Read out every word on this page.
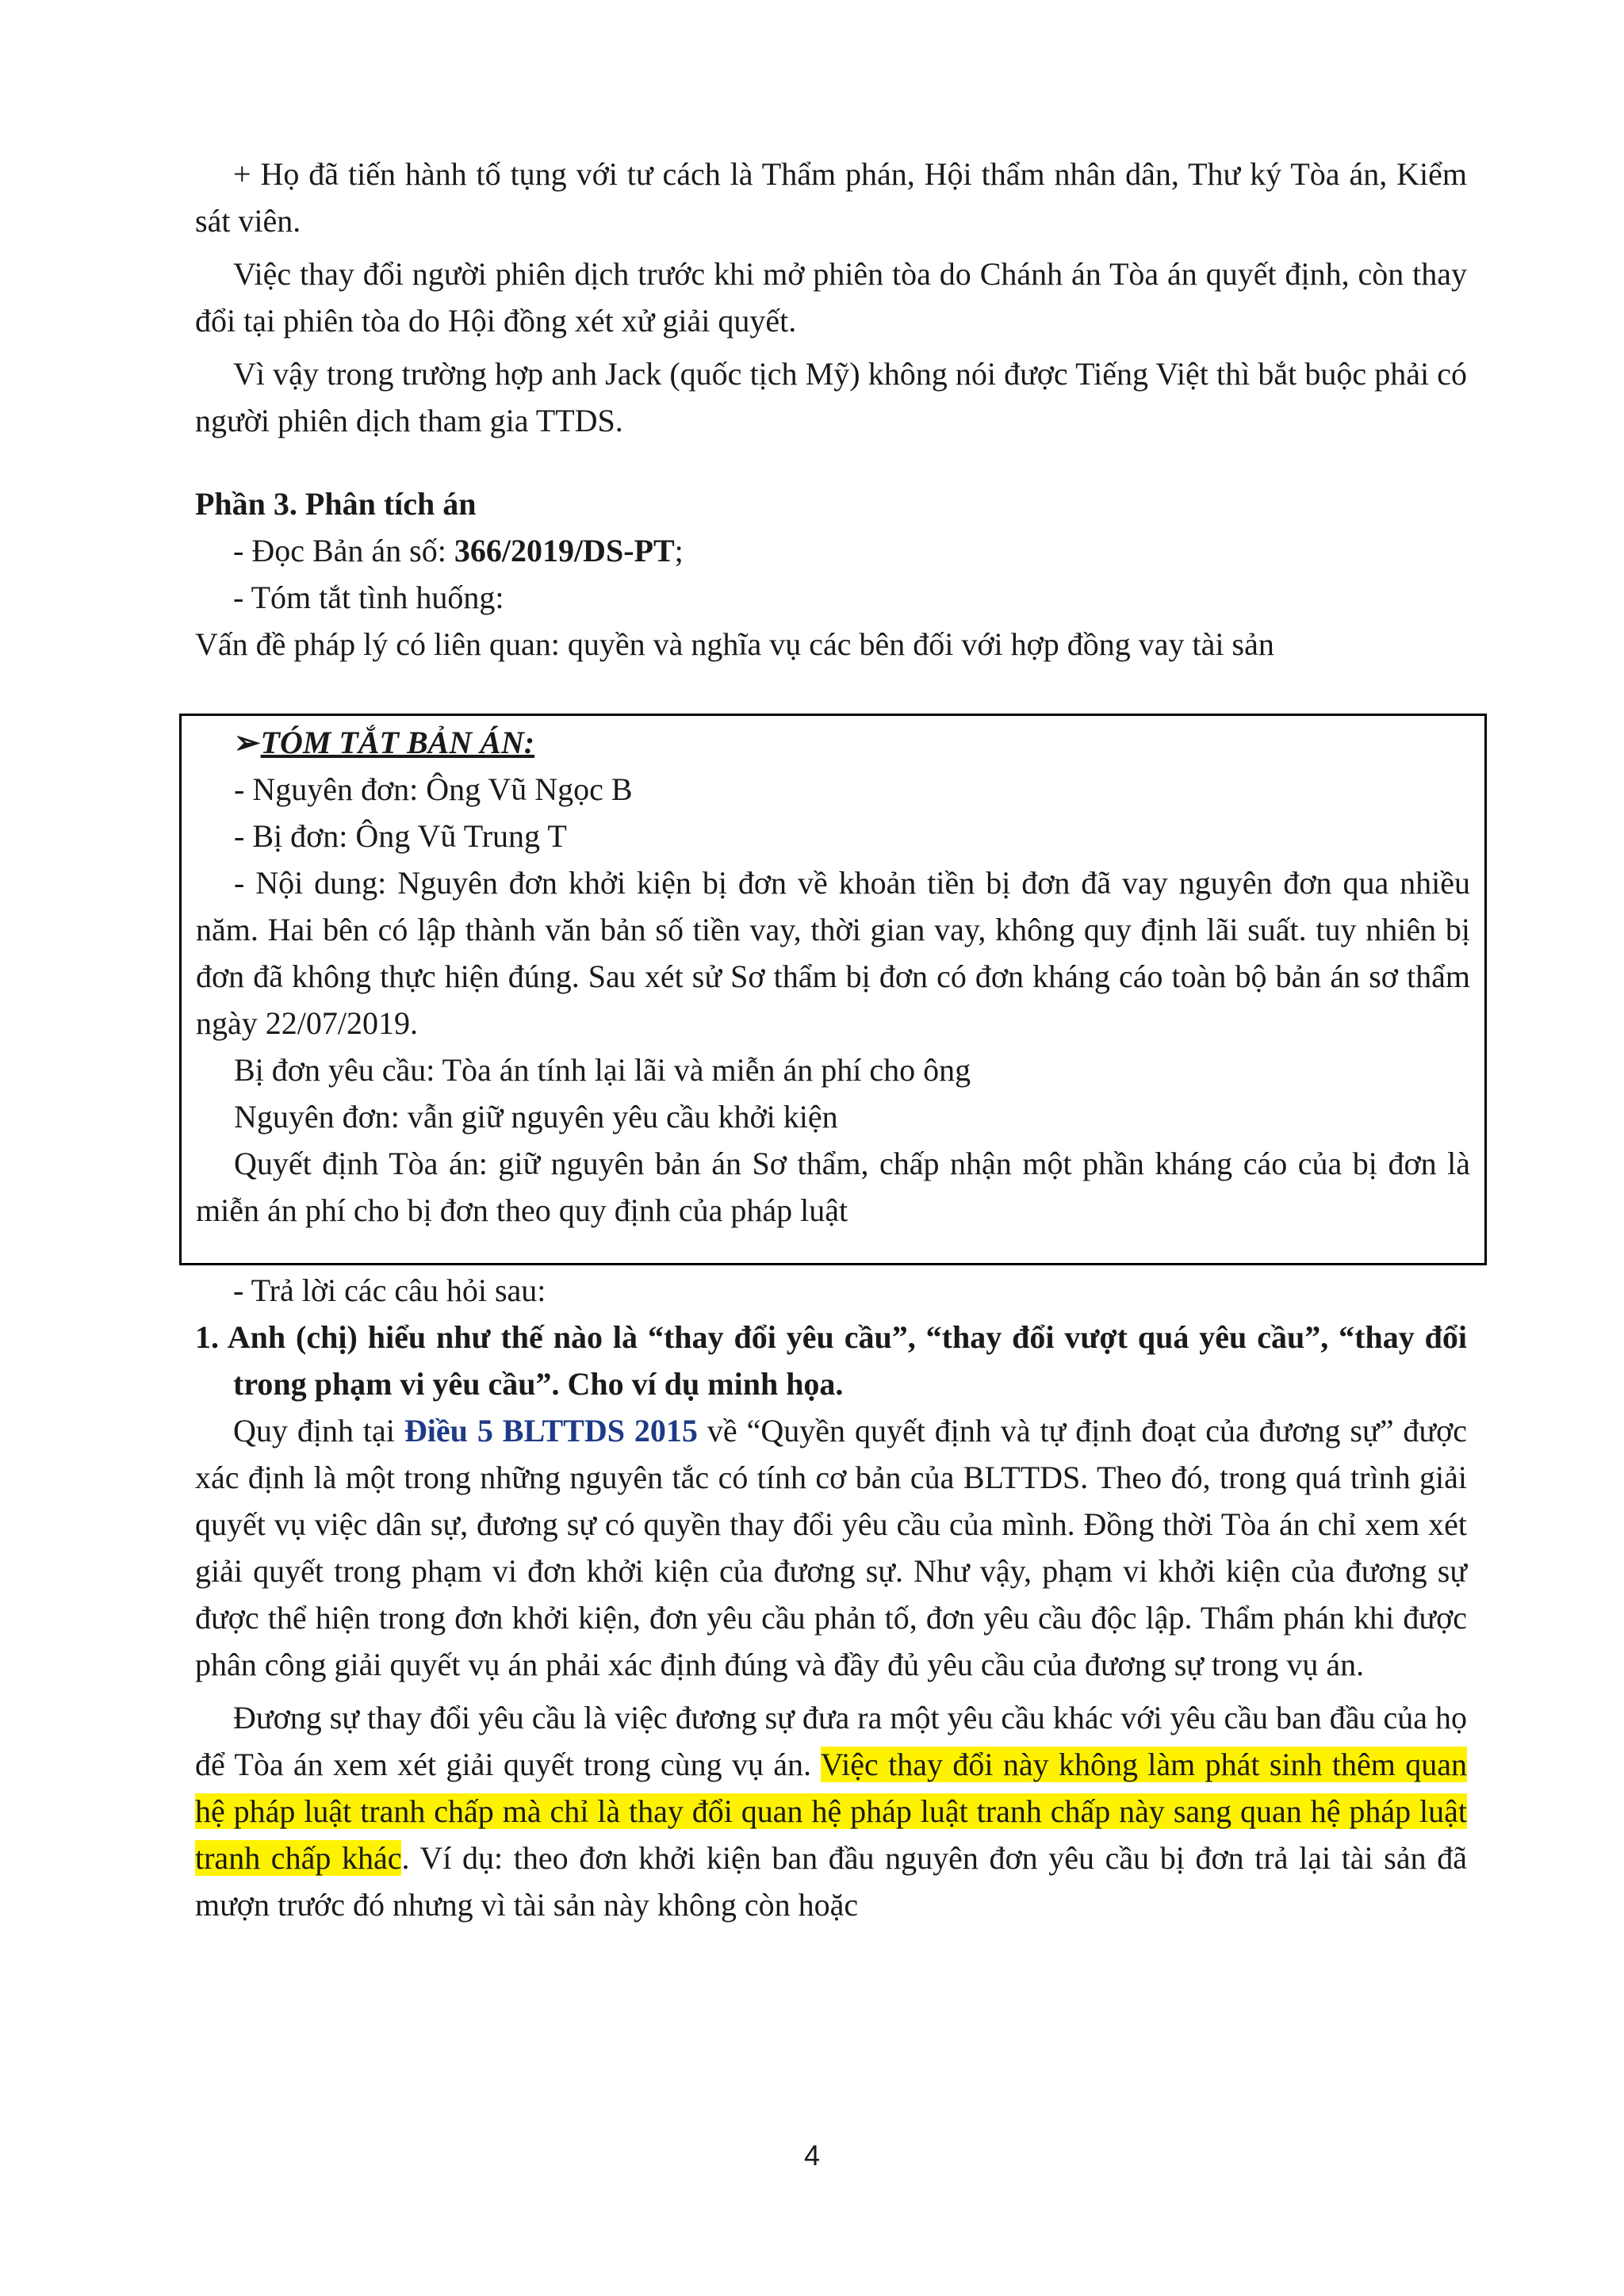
+ Họ đã tiến hành tố tụng với tư cách là Thẩm phán, Hội thẩm nhân dân, Thư ký Tòa án, Kiểm sát viên.

Việc thay đổi người phiên dịch trước khi mở phiên tòa do Chánh án Tòa án quyết định, còn thay đổi tại phiên tòa do Hội đồng xét xử giải quyết.

Vì vậy trong trường hợp anh Jack (quốc tịch Mỹ) không nói được Tiếng Việt thì bắt buộc phải có người phiên dịch tham gia TTDS.

Phần 3. Phân tích án

- Đọc Bản án số: 366/2019/DS-PT;

- Tóm tắt tình huống:

Vấn đề pháp lý có liên quan: quyền và nghĩa vụ các bên đối với hợp đồng vay tài sản

➢TÓM TẮT BẢN ÁN:

- Nguyên đơn: Ông Vũ Ngọc B

- Bị đơn: Ông Vũ Trung T

- Nội dung: Nguyên đơn khởi kiện bị đơn về khoản tiền bị đơn đã vay nguyên đơn qua nhiều năm. Hai bên có lập thành văn bản số tiền vay, thời gian vay, không quy định lãi suất. tuy nhiên bị đơn đã không thực hiện đúng. Sau xét sử Sơ thẩm bị đơn có đơn kháng cáo toàn bộ bản án sơ thẩm ngày 22/07/2019.

Bị đơn yêu cầu: Tòa án tính lại lãi và miễn án phí cho ông

Nguyên đơn: vẫn giữ nguyên yêu cầu khởi kiện

Quyết định Tòa án: giữ nguyên bản án Sơ thẩm, chấp nhận một phần kháng cáo của bị đơn là miễn án phí cho bị đơn theo quy định của pháp luật

- Trả lời các câu hỏi sau:

1. Anh (chị) hiểu như thế nào là “thay đổi yêu cầu”, “thay đổi vượt quá yêu cầu”, “thay đổi trong phạm vi yêu cầu”. Cho ví dụ minh họa.

Quy định tại Điều 5 BLTTDS 2015 về “Quyền quyết định và tự định đoạt của đương sự” được xác định là một trong những nguyên tắc có tính cơ bản của BLTTDS. Theo đó, trong quá trình giải quyết vụ việc dân sự, đương sự có quyền thay đổi yêu cầu của mình. Đồng thời Tòa án chỉ xem xét giải quyết trong phạm vi đơn khởi kiện của đương sự. Như vậy, phạm vi khởi kiện của đương sự được thể hiện trong đơn khởi kiện, đơn yêu cầu phản tố, đơn yêu cầu độc lập. Thẩm phán khi được phân công giải quyết vụ án phải xác định đúng và đầy đủ yêu cầu của đương sự trong vụ án.

Đương sự thay đổi yêu cầu là việc đương sự đưa ra một yêu cầu khác với yêu cầu ban đầu của họ để Tòa án xem xét giải quyết trong cùng vụ án. Việc thay đổi này không làm phát sinh thêm quan hệ pháp luật tranh chấp mà chỉ là thay đổi quan hệ pháp luật tranh chấp này sang quan hệ pháp luật tranh chấp khác. Ví dụ: theo đơn khởi kiện ban đầu nguyên đơn yêu cầu bị đơn trả lại tài sản đã mượn trước đó nhưng vì tài sản này không còn hoặc

4
